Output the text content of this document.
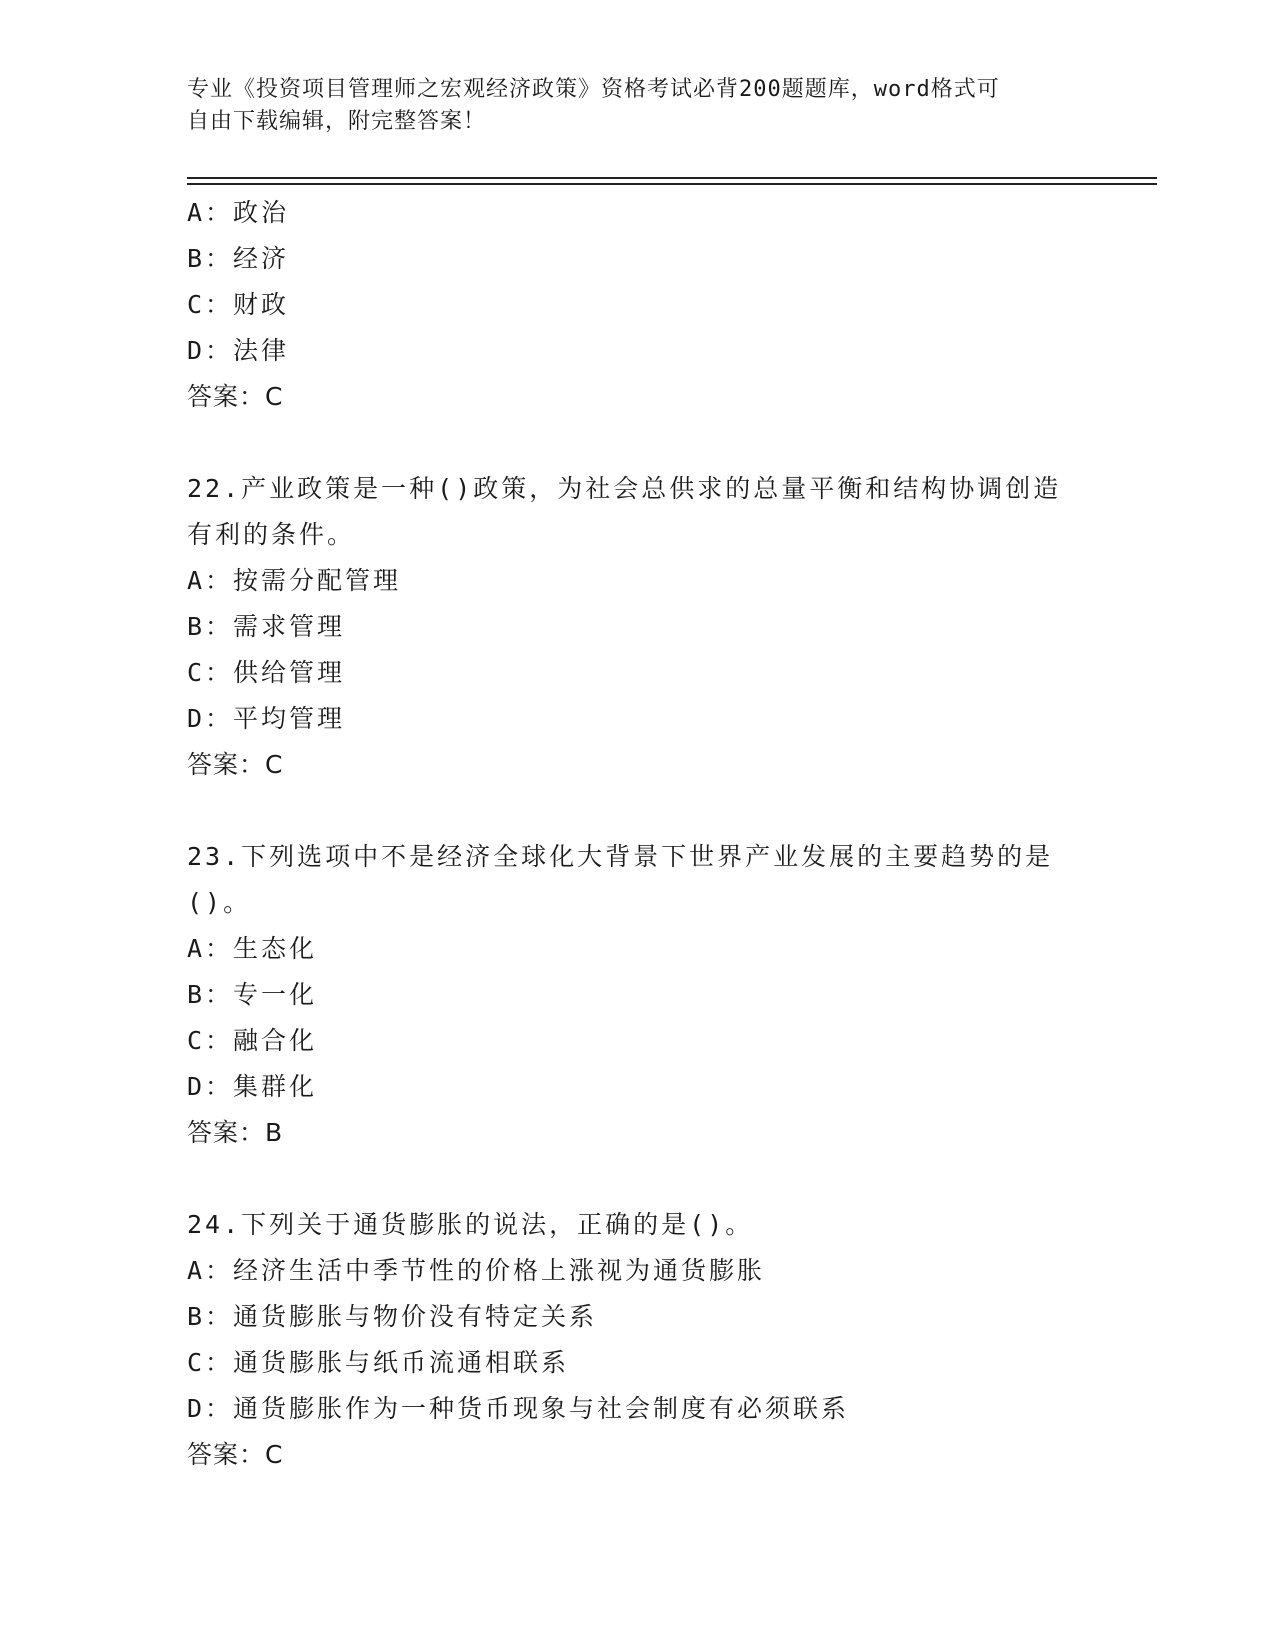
专业《投资项目管理师之宏观经济政策》资格考试必背200题题库，word格式可
自由下载编辑，附完整答案！
A：政治
B：经济
C：财政
D：法律
答案：C
22.产业政策是一种()政策，为社会总供求的总量平衡和结构协调创造
有利的条件。
A：按需分配管理
B：需求管理
C：供给管理
D：平均管理
答案：C
23.下列选项中不是经济全球化大背景下世界产业发展的主要趋势的是
()。
A：生态化
B：专一化
C：融合化
D：集群化
答案：B
24.下列关于通货膨胀的说法，正确的是()。
A：经济生活中季节性的价格上涨视为通货膨胀
B：通货膨胀与物价没有特定关系
C：通货膨胀与纸币流通相联系
D：通货膨胀作为一种货币现象与社会制度有必须联系
答案：C
